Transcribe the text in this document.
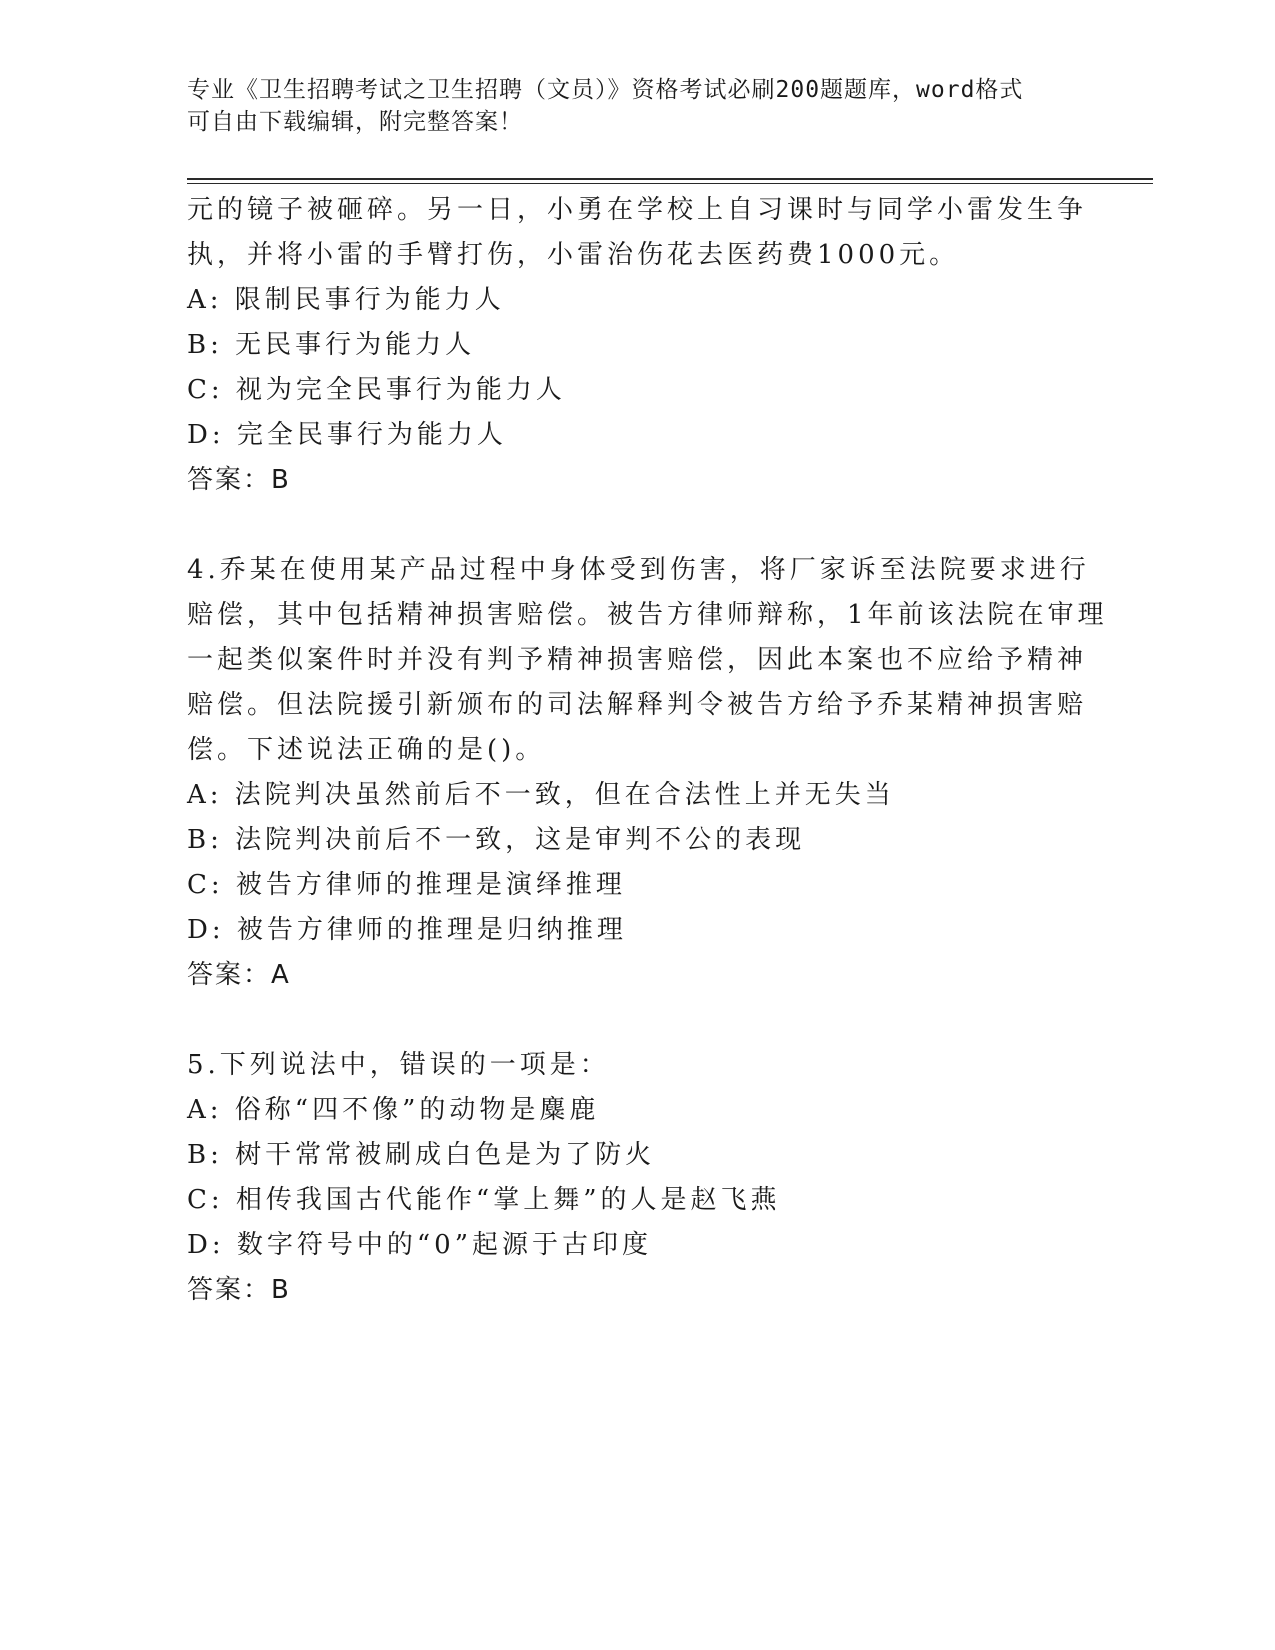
专业《卫生招聘考试之卫生招聘（文员）》资格考试必刷200题题库，word格式
可自由下载编辑，附完整答案！
元的镜子被砸碎。另一日，小勇在学校上自习课时与同学小雷发生争
执，并将小雷的手臂打伤，小雷治伤花去医药费1000元。
A: 限制民事行为能力人
B: 无民事行为能力人
C: 视为完全民事行为能力人
D: 完全民事行为能力人
答案：B
4.乔某在使用某产品过程中身体受到伤害，将厂家诉至法院要求进行
赔偿，其中包括精神损害赔偿。被告方律师辩称，1年前该法院在审理
一起类似案件时并没有判予精神损害赔偿，因此本案也不应给予精神
赔偿。但法院援引新颁布的司法解释判令被告方给予乔某精神损害赔
偿。下述说法正确的是()。
A: 法院判决虽然前后不一致，但在合法性上并无失当
B: 法院判决前后不一致，这是审判不公的表现
C: 被告方律师的推理是演绎推理
D: 被告方律师的推理是归纳推理
答案：A
5.下列说法中，错误的一项是：
A: 俗称“四不像”的动物是麋鹿
B: 树干常常被刷成白色是为了防火
C: 相传我国古代能作“掌上舞”的人是赵飞燕
D: 数字符号中的“0”起源于古印度
答案：B
